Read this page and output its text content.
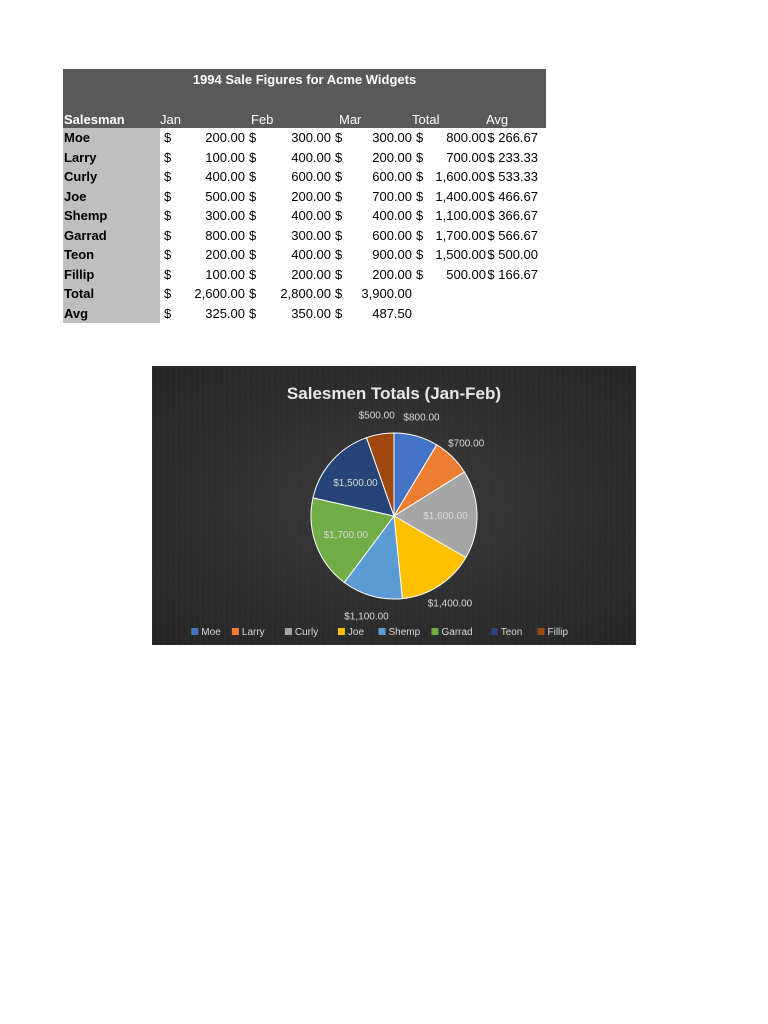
1994 Sale Figures for Acme Widgets
Salesman	Jan	Feb	Mar	Total	Avg
Moe	$	200.00	$	300.00	$	300.00	$	800.00	$ 266.67
Larry	$	100.00	$	400.00	$	200.00	$	700.00	$ 233.33
Curly	$	400.00	$	600.00	$	600.00	$	1,600.00	$ 533.33
Joe	$	500.00	$	200.00	$	700.00	$	1,400.00	$ 466.67
Shemp	$	300.00	$	400.00	$	400.00	$	1,100.00	$ 366.67
Garrad	$	800.00	$	300.00	$	600.00	$	1,700.00	$ 566.67
Teon	$	200.00	$	400.00	$	900.00	$	1,500.00	$ 500.00
Fillip	$	100.00	$	200.00	$	200.00	$	500.00	$ 166.67
Total	$	2,600.00	$	2,800.00	$	3,900.00			
Avg	$	325.00	$	350.00	$	487.50			
Salesmen Totals (Jan-Feb)
$800.00
$700.00
$1,600.00
$1,400.00
$1,100.00
$1,700.00
$1,500.00
$500.00
Moe Larry	Curly	Joe Shemp Garrad	Teon	Fillip
